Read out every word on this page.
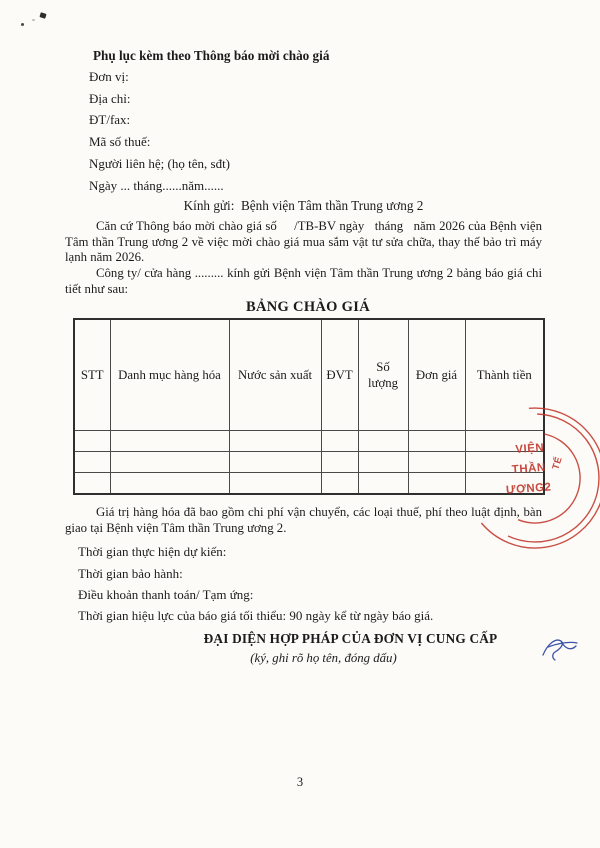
Phụ lục kèm theo Thông báo mời chào giá
Đơn vị:
Địa chỉ:
ĐT/fax:
Mã số thuế:
Người liên hệ; (họ tên, sđt)
Ngày ... tháng......năm......
Kính gửi:  Bệnh viện Tâm thần Trung ương 2
Căn cứ Thông báo mời chào giá số     /TB-BV ngày   tháng   năm 2026 của Bệnh viện Tâm thần Trung ương 2 về việc mời chào giá mua sắm vật tư sửa chữa, thay thế bảo trì máy lạnh năm 2026.
Công ty/ cửa hàng ......... kính gửi Bệnh viện Tâm thần Trung ương 2 bảng báo giá chi tiết như sau:
BẢNG CHÀO GIÁ
STT	Danh mục hàng hóa	Nước sản xuất	ĐVT	Số lượng	Đơn giá	Thành tiền

Giá trị hàng hóa đã bao gồm chi phí vận chuyển, các loại thuế, phí theo luật định, bàn giao tại Bệnh viện Tâm thần Trung ương 2.
Thời gian thực hiện dự kiến:
Thời gian bảo hành:
Điều khoản thanh toán/ Tạm ứng:
Thời gian hiệu lực của báo giá tối thiểu: 90 ngày kể từ ngày báo giá.
ĐẠI DIỆN HỢP PHÁP CỦA ĐƠN VỊ CUNG CẤP
(ký, ghi rõ họ tên, đóng dấu)
VIỆN
THẦN
ƯƠNG2
TẾ
3
